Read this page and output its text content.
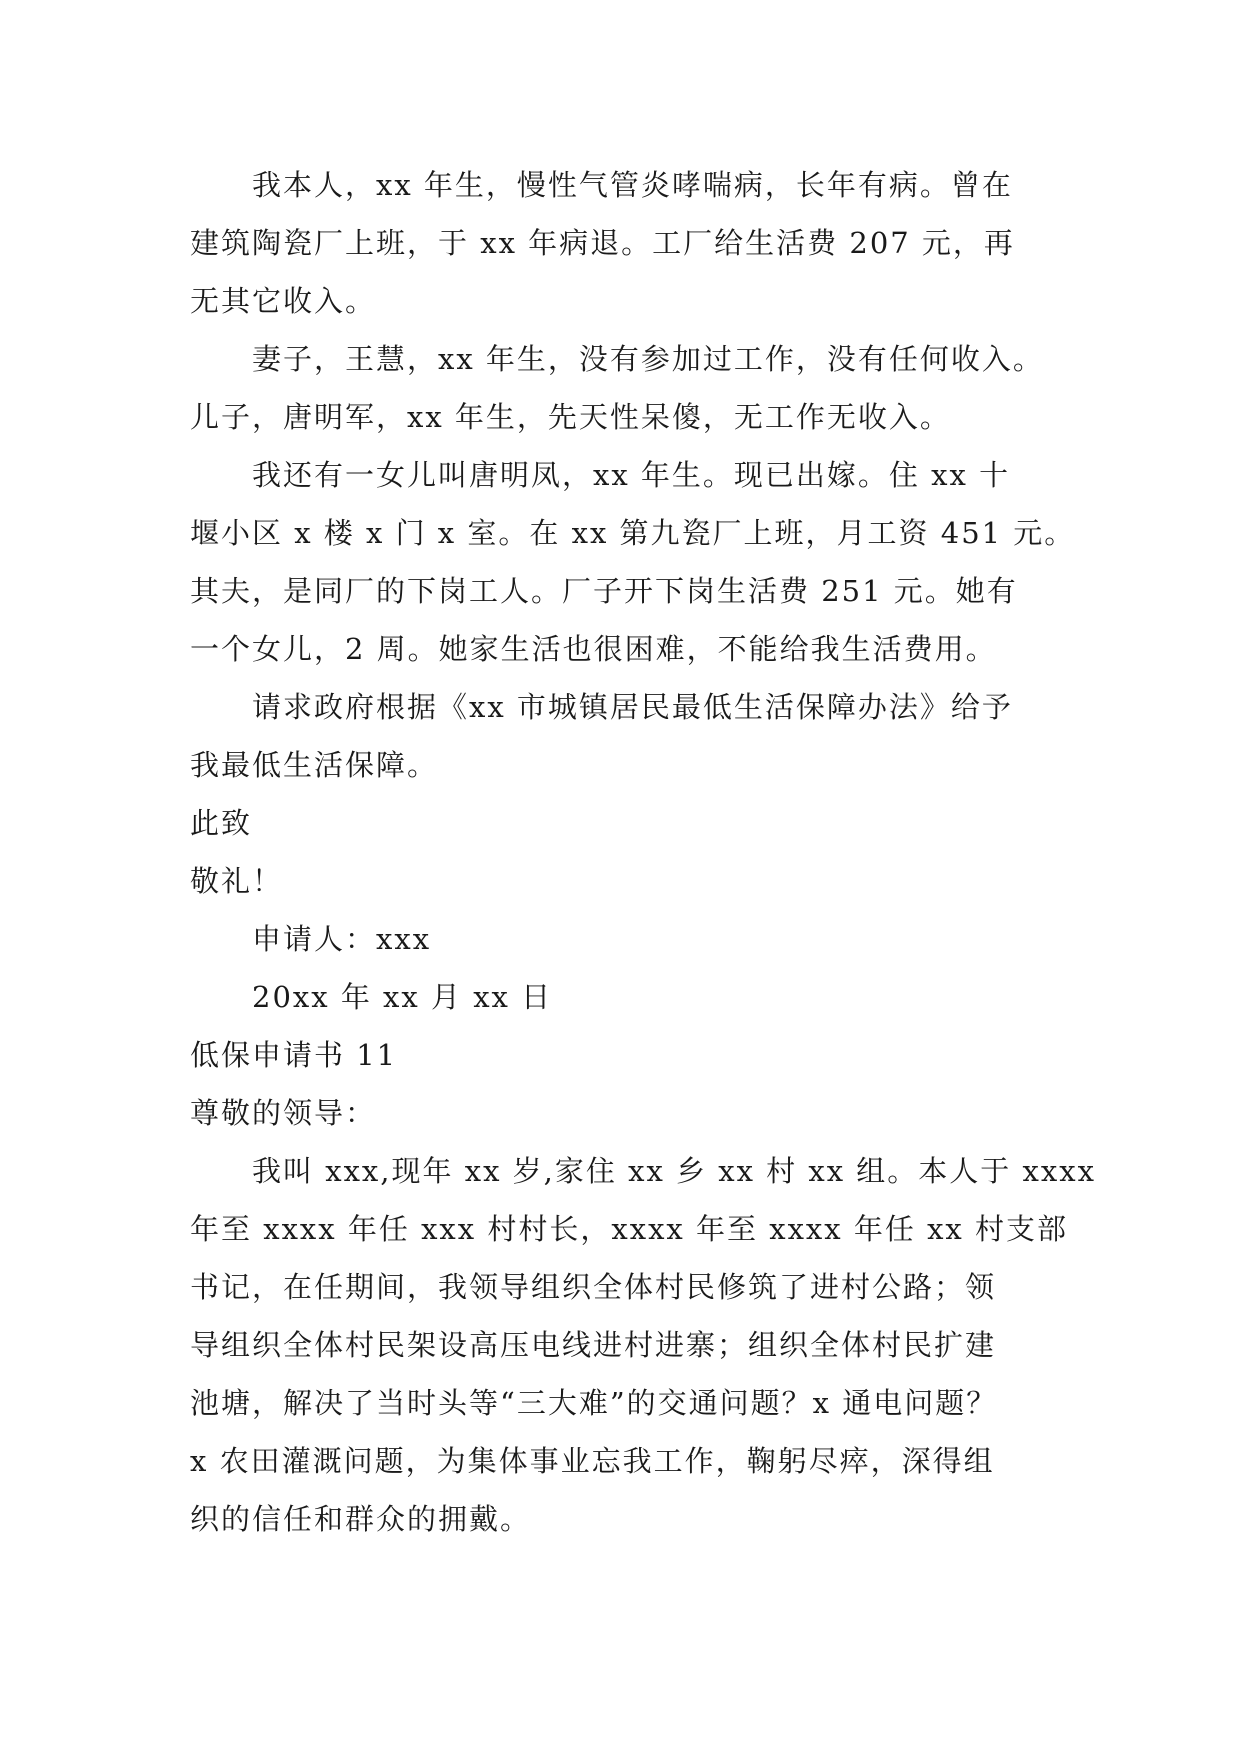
我本人，xx 年生，慢性气管炎哮喘病，长年有病。曾在
建筑陶瓷厂上班，于 xx 年病退。工厂给生活费 207 元，再
无其它收入。
妻子，王慧，xx 年生，没有参加过工作，没有任何收入。
儿子，唐明军，xx 年生，先天性呆傻，无工作无收入。
我还有一女儿叫唐明凤，xx 年生。现已出嫁。住 xx 十
堰小区 x 楼 x 门 x 室。在 xx 第九瓷厂上班，月工资 451 元。
其夫，是同厂的下岗工人。厂子开下岗生活费 251 元。她有
一个女儿，2 周。她家生活也很困难，不能给我生活费用。
请求政府根据《xx 市城镇居民最低生活保障办法》给予
我最低生活保障。
此致
敬礼！
申请人：xxx
20xx 年 xx 月 xx 日
低保申请书 11
尊敬的领导：
我叫 xxx,现年 xx 岁,家住 xx 乡 xx 村 xx 组。本人于 xxxx
年至 xxxx 年任 xxx 村村长，xxxx 年至 xxxx 年任 xx 村支部
书记，在任期间，我领导组织全体村民修筑了进村公路；领
导组织全体村民架设高压电线进村进寨；组织全体村民扩建
池塘，解决了当时头等“三大难”的交通问题？x 通电问题？
x 农田灌溉问题，为集体事业忘我工作，鞠躬尽瘁，深得组
织的信任和群众的拥戴。
